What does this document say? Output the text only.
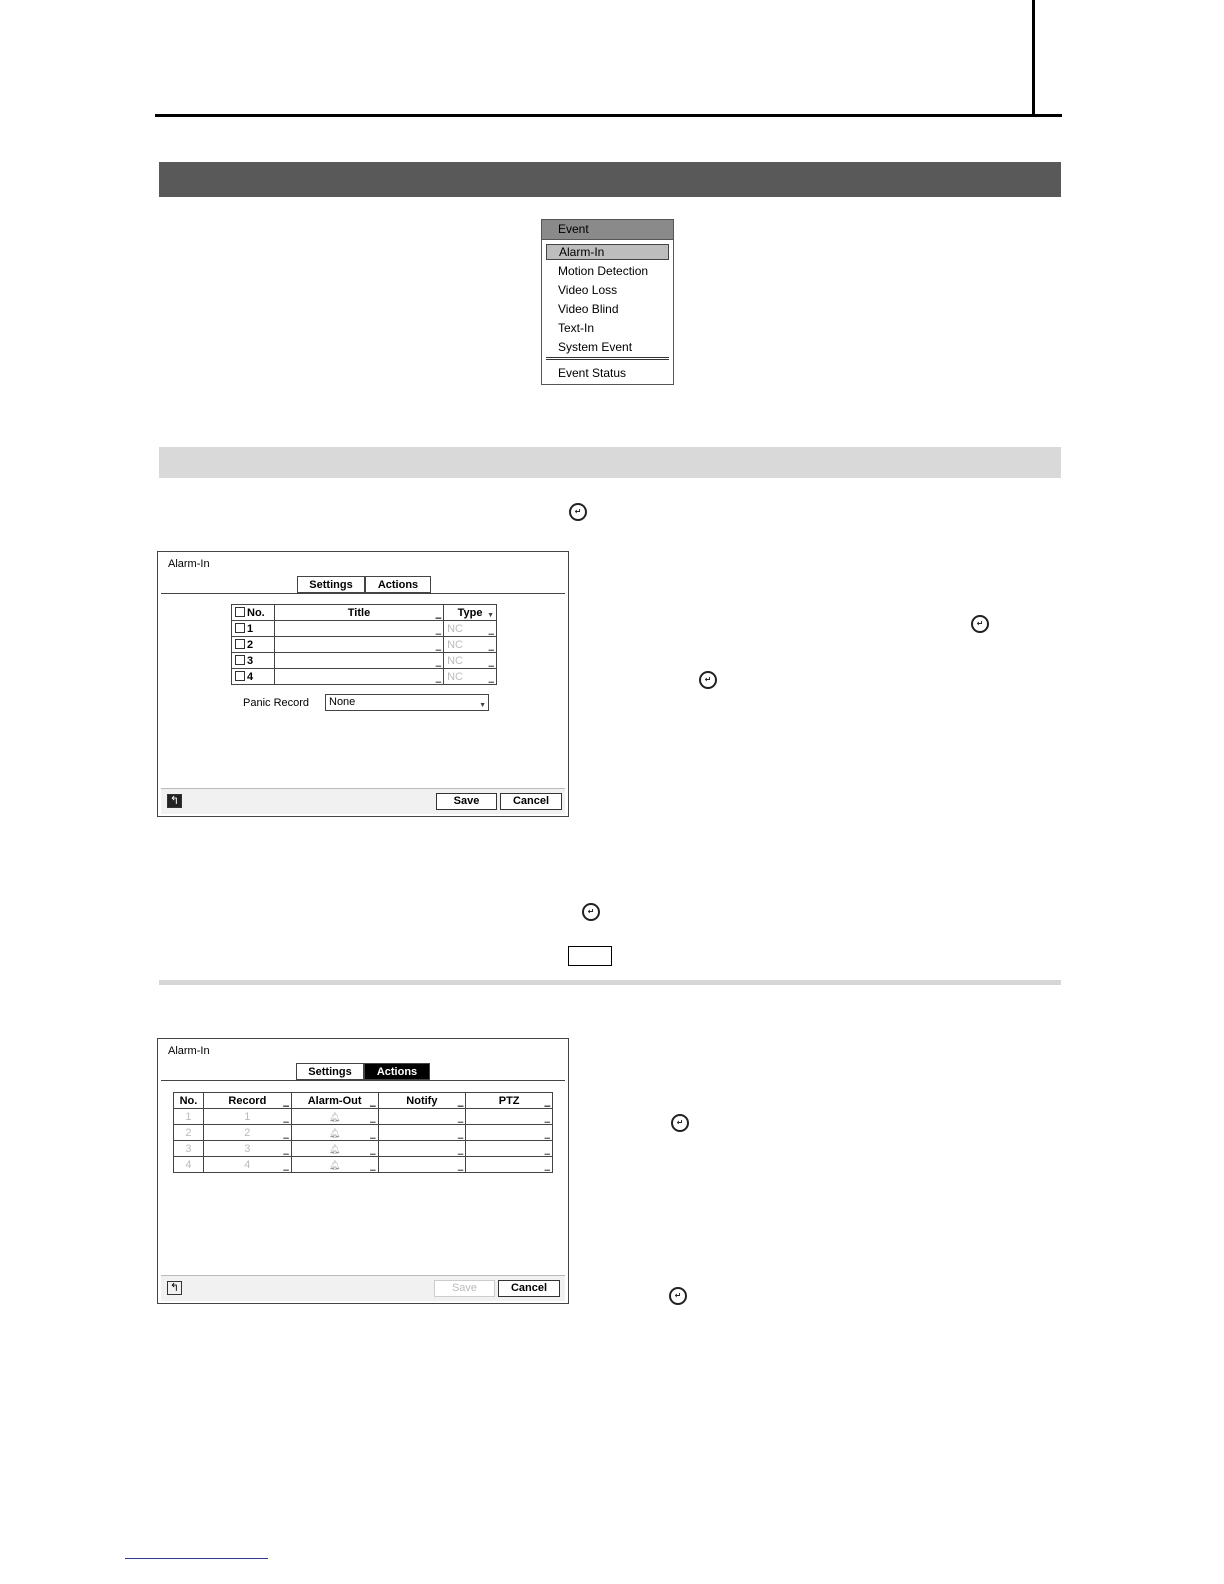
↵
↵
↵
↵
↵
↵
Event
Alarm-In
Motion Detection
Video Loss
Video Blind
Text-In
System Event
Event Status
Alarm-In
Settings	Actions
No.	Title ▁	Type ▼

1	▁	NC ▁

2	▁	NC ▁

3	▁	NC ▁

4	▁	NC ▁
Panic Record	None	▼
↰	Save	Cancel
Alarm-In
Settings	Actions
No.	Record ▁	Alarm-Out ▁	Notify ▁	PTZ ▁

1	1 ▁	🔔︎ ▁	▁	▁

2	2 ▁	🔔︎ ▁	▁	▁

3	3 ▁	🔔︎ ▁	▁	▁

4	4 ▁	🔔︎ ▁	▁	▁
↰	Save	Cancel
